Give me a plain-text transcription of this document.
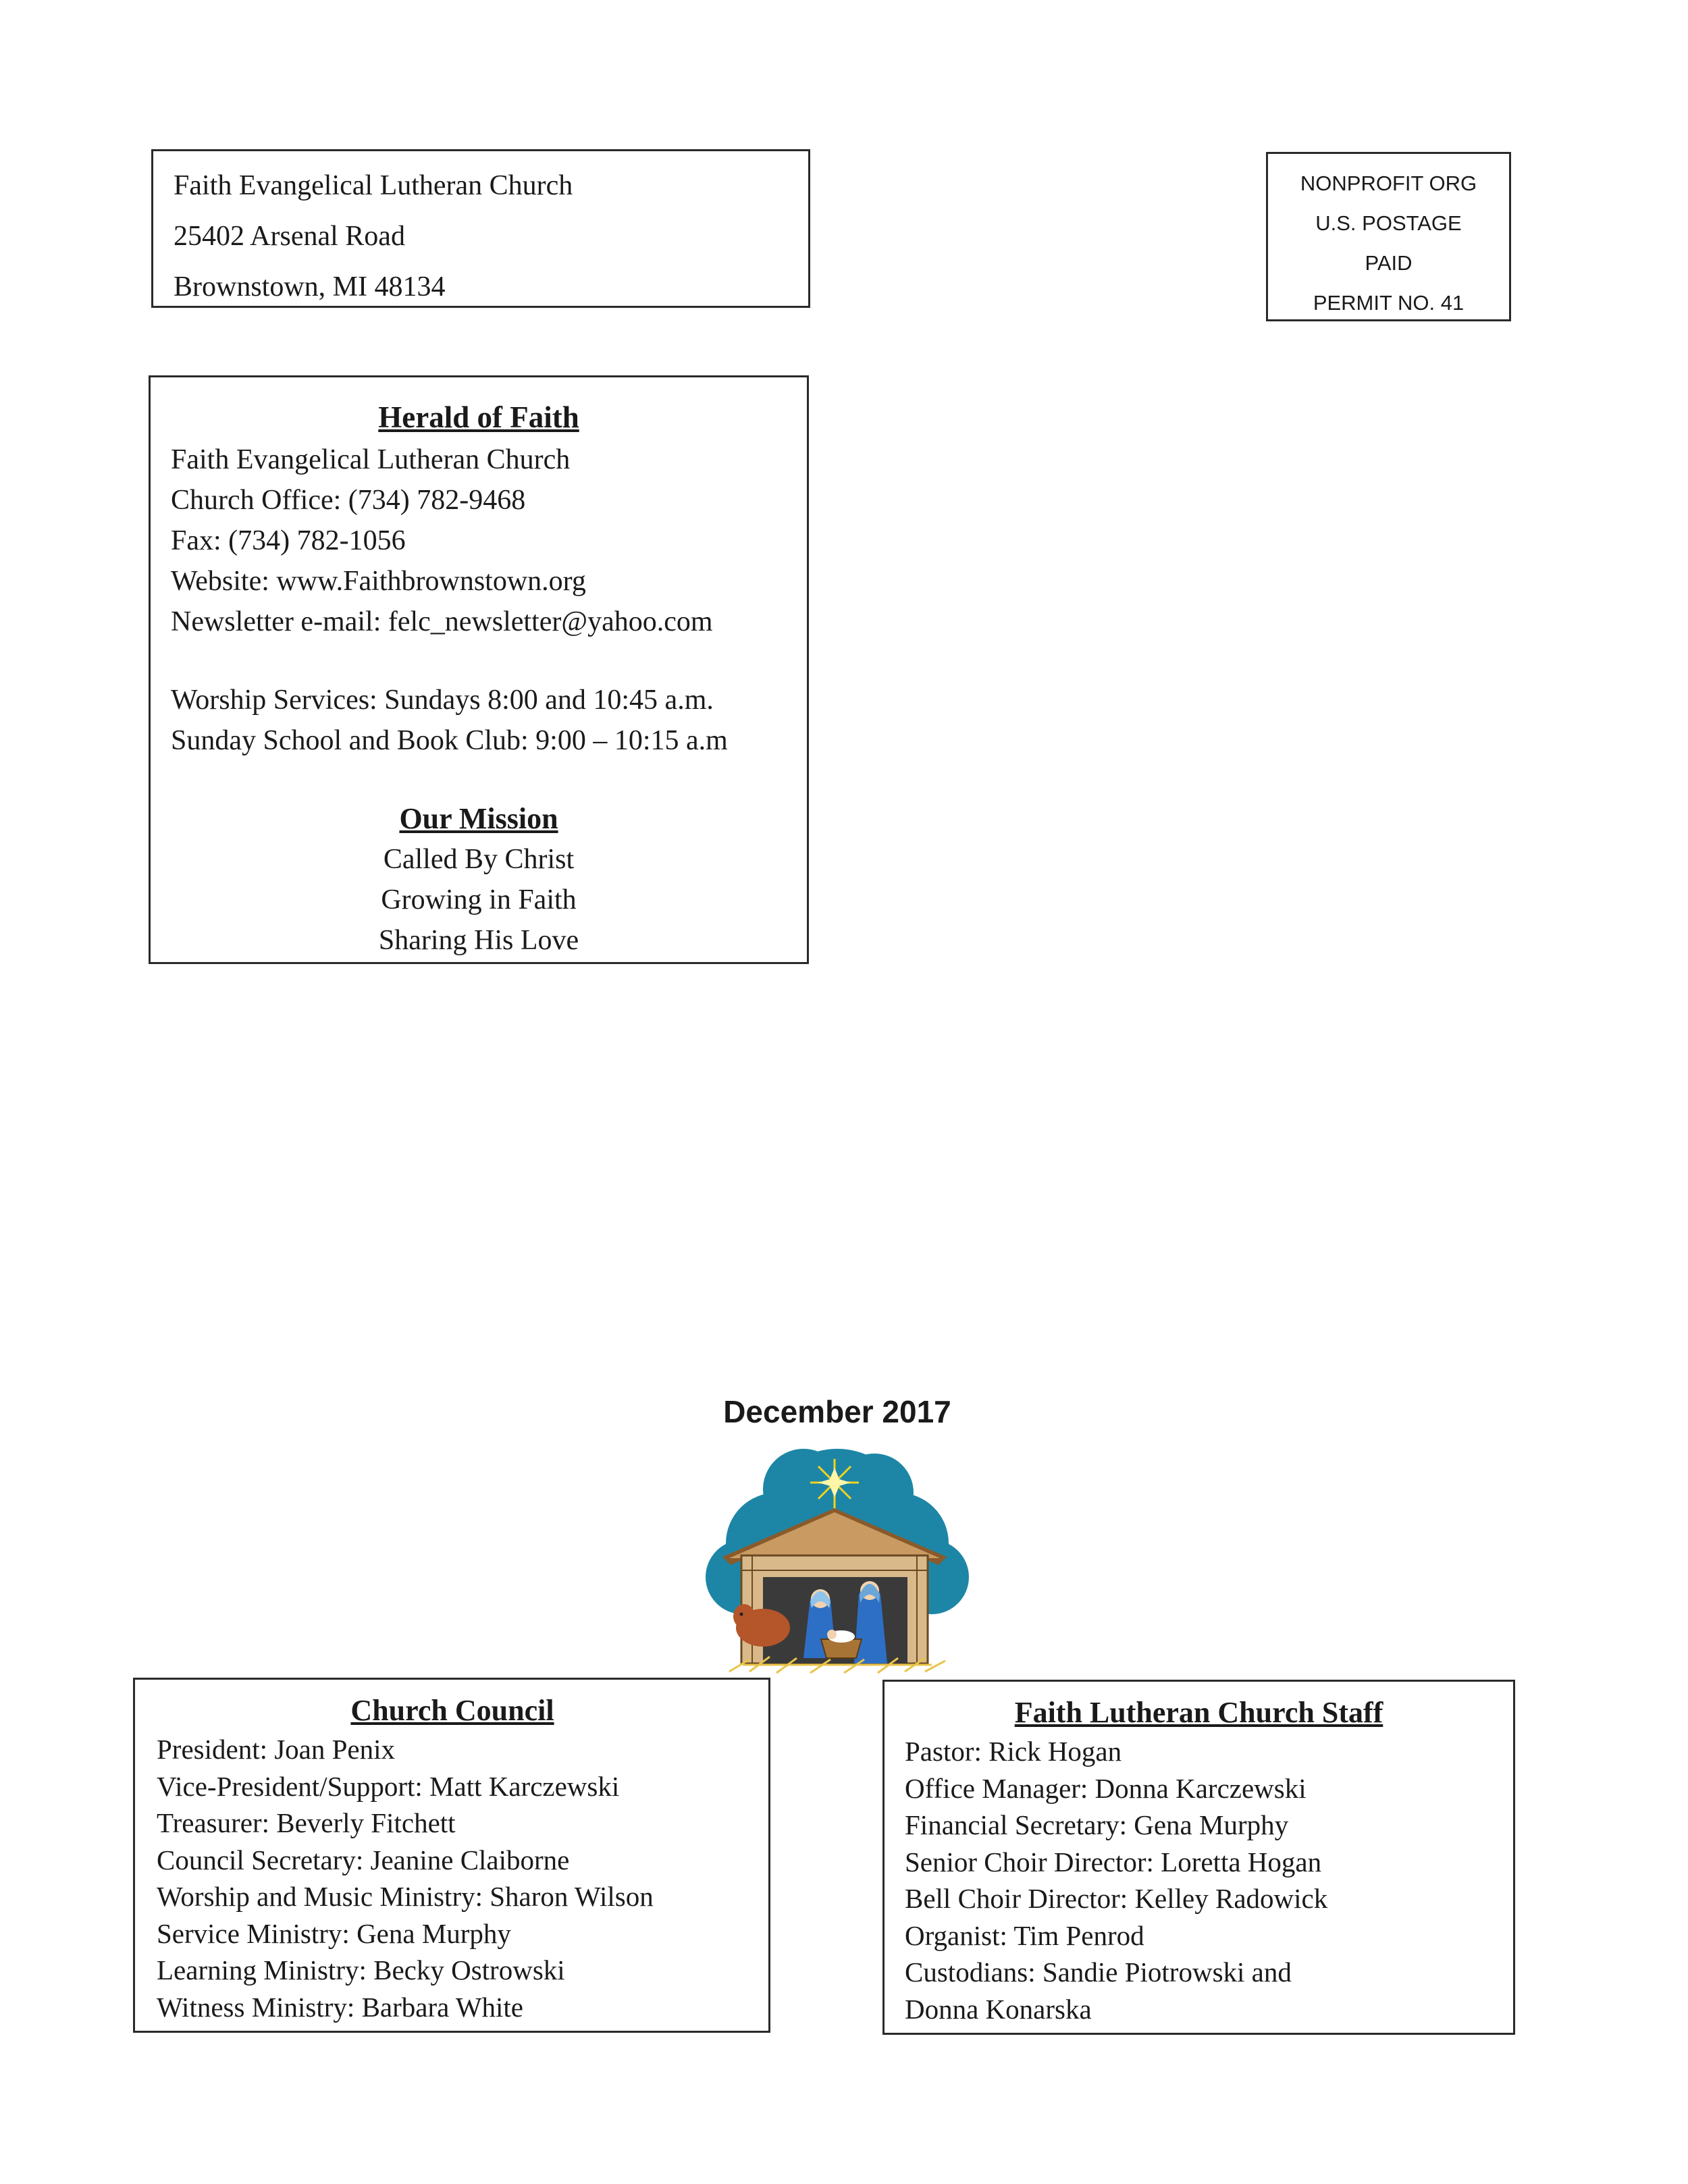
Faith Evangelical Lutheran Church
25402 Arsenal Road
Brownstown, MI 48134
NONPROFIT ORG
U.S. POSTAGE
PAID
PERMIT NO. 41
Herald of Faith
Faith Evangelical Lutheran Church
Church Office: (734) 782-9468
Fax: (734) 782-1056
Website: www.Faithbrownstown.org
Newsletter e-mail: felc_newsletter@yahoo.com
Worship Services: Sundays 8:00 and 10:45 a.m.
Sunday School and Book Club: 9:00 – 10:15 a.m
Our Mission
Called By Christ
Growing in Faith
Sharing His Love
December 2017
Church Council
President: Joan Penix
Vice-President/Support: Matt Karczewski
Treasurer: Beverly Fitchett
Council Secretary: Jeanine Claiborne
Worship and Music Ministry: Sharon Wilson
Service Ministry: Gena Murphy
Learning Ministry: Becky Ostrowski
Witness Ministry: Barbara White
Faith Lutheran Church Staff
Pastor: Rick Hogan
Office Manager: Donna Karczewski
Financial Secretary: Gena Murphy
Senior Choir Director: Loretta Hogan
Bell Choir Director: Kelley Radowick
Organist: Tim Penrod
Custodians: Sandie Piotrowski and
Donna Konarska
